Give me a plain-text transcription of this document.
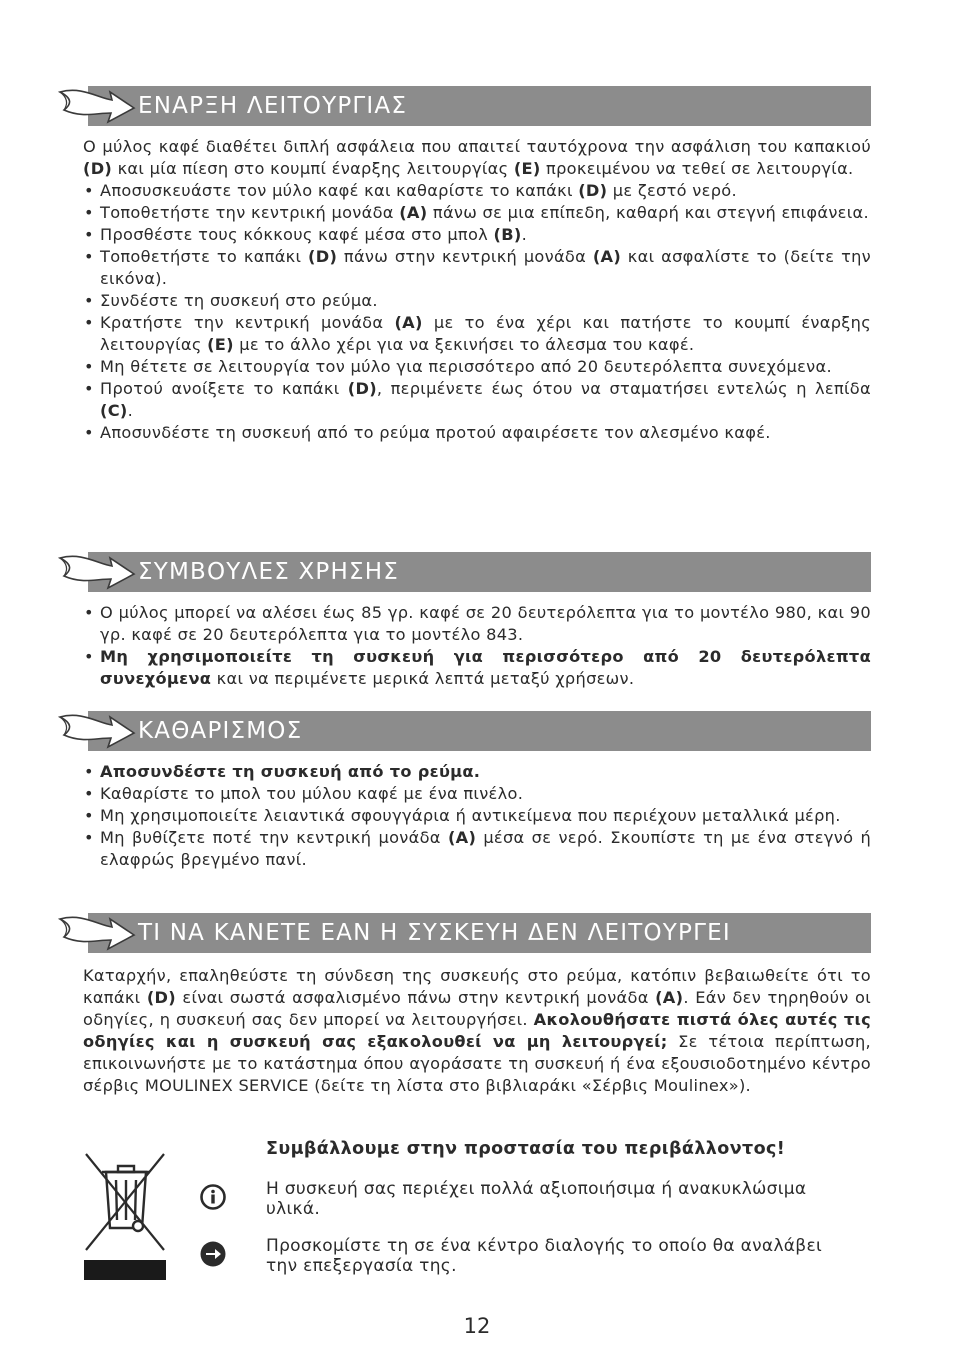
ΕΝΑΡΞΗ ΛΕΙΤΟΥΡΓΙΑΣ

Ο μύλος καφέ διαθέτει διπλή ασφάλεια που απαιτεί ταυτόχρονα την ασφάλιση του καπακιού (D) και μία πίεση στο κουμπί έναρξης λειτουργίας (E) προκειμένου να τεθεί σε λειτουργία.

• Αποσυσκευάστε τον μύλο καφέ και καθαρίστε το καπάκι (D) με ζεστό νερό.
• Τοποθετήστε την κεντρική μονάδα (A) πάνω σε μια επίπεδη, καθαρή και στεγνή επιφάνεια.
• Προσθέστε τους κόκκους καφέ μέσα στο μπολ (B).
• Τοποθετήστε το καπάκι (D) πάνω στην κεντρική μονάδα (A) και ασφαλίστε το (δείτε την εικόνα).
• Συνδέστε τη συσκευή στο ρεύμα.
• Κρατήστε την κεντρική μονάδα (A) με το ένα χέρι και πατήστε το κουμπί έναρξης λειτουργίας (E) με το άλλο χέρι για να ξεκινήσει το άλεσμα του καφέ.
• Μη θέτετε σε λειτουργία τον μύλο για περισσότερο από 20 δευτερόλεπτα συνεχόμενα.
• Προτού ανοίξετε το καπάκι (D), περιμένετε έως ότου να σταματήσει εντελώς η λεπίδα (C).
• Αποσυνδέστε τη συσκευή από το ρεύμα προτού αφαιρέσετε τον αλεσμένο καφέ.
ΣΥΜΒΟΥΛΕΣ ΧΡΗΣΗΣ
• Ο μύλος μπορεί να αλέσει έως 85 γρ. καφέ σε 20 δευτερόλεπτα για το μοντέλο 980, και 90 γρ. καφέ σε 20 δευτερόλεπτα για το μοντέλο 843.
• Μη χρησιμοποιείτε τη συσκευή για περισσότερο από 20 δευτερόλεπτα συνεχόμενα και να περιμένετε μερικά λεπτά μεταξύ χρήσεων.
ΚΑΘΑΡΙΣΜΟΣ
• Αποσυνδέστε τη συσκευή από το ρεύμα.
• Καθαρίστε το μπολ του μύλου καφέ με ένα πινέλο.
• Μη χρησιμοποιείτε λειαντικά σφουγγάρια ή αντικείμενα που περιέχουν μεταλλικά μέρη.
• Μη βυθίζετε ποτέ την κεντρική μονάδα (A) μέσα σε νερό. Σκουπίστε τη με ένα στεγνό ή ελαφρώς βρεγμένο πανί.
ΤΙ ΝΑ ΚΑΝΕΤΕ ΕΑΝ Η ΣΥΣΚΕΥΗ ΔΕΝ ΛΕΙΤΟΥΡΓΕΙ

Καταρχήν, επαληθεύστε τη σύνδεση της συσκευής στο ρεύμα, κατόπιν βεβαιωθείτε ότι το καπάκι (D) είναι σωστά ασφαλισμένο πάνω στην κεντρική μονάδα (A). Εάν δεν τηρηθούν οι οδηγίες, η συσκευή σας δεν μπορεί να λειτουργήσει. Ακολουθήσατε πιστά όλες αυτές τις οδηγίες και η συσκευή σας εξακολουθεί να μη λειτουργεί; Σε τέτοια περίπτωση, επικοινωνήστε με το κατάστημα όπου αγοράσατε τη συσκευή ή ένα εξουσιοδοτημένο κέντρο σέρβις MOULINEX SERVICE (δείτε τη λίστα στο βιβλιαράκι «Σέρβις Moulinex»).

Συμβάλλουμε στην προστασία του περιβάλλοντος!
Η συσκευή σας περιέχει πολλά αξιοποιήσιμα ή ανακυκλώσιμα υλικά.
Προσκομίστε τη σε ένα κέντρο διαλογής το οποίο θα αναλάβει την επεξεργασία της.
12
